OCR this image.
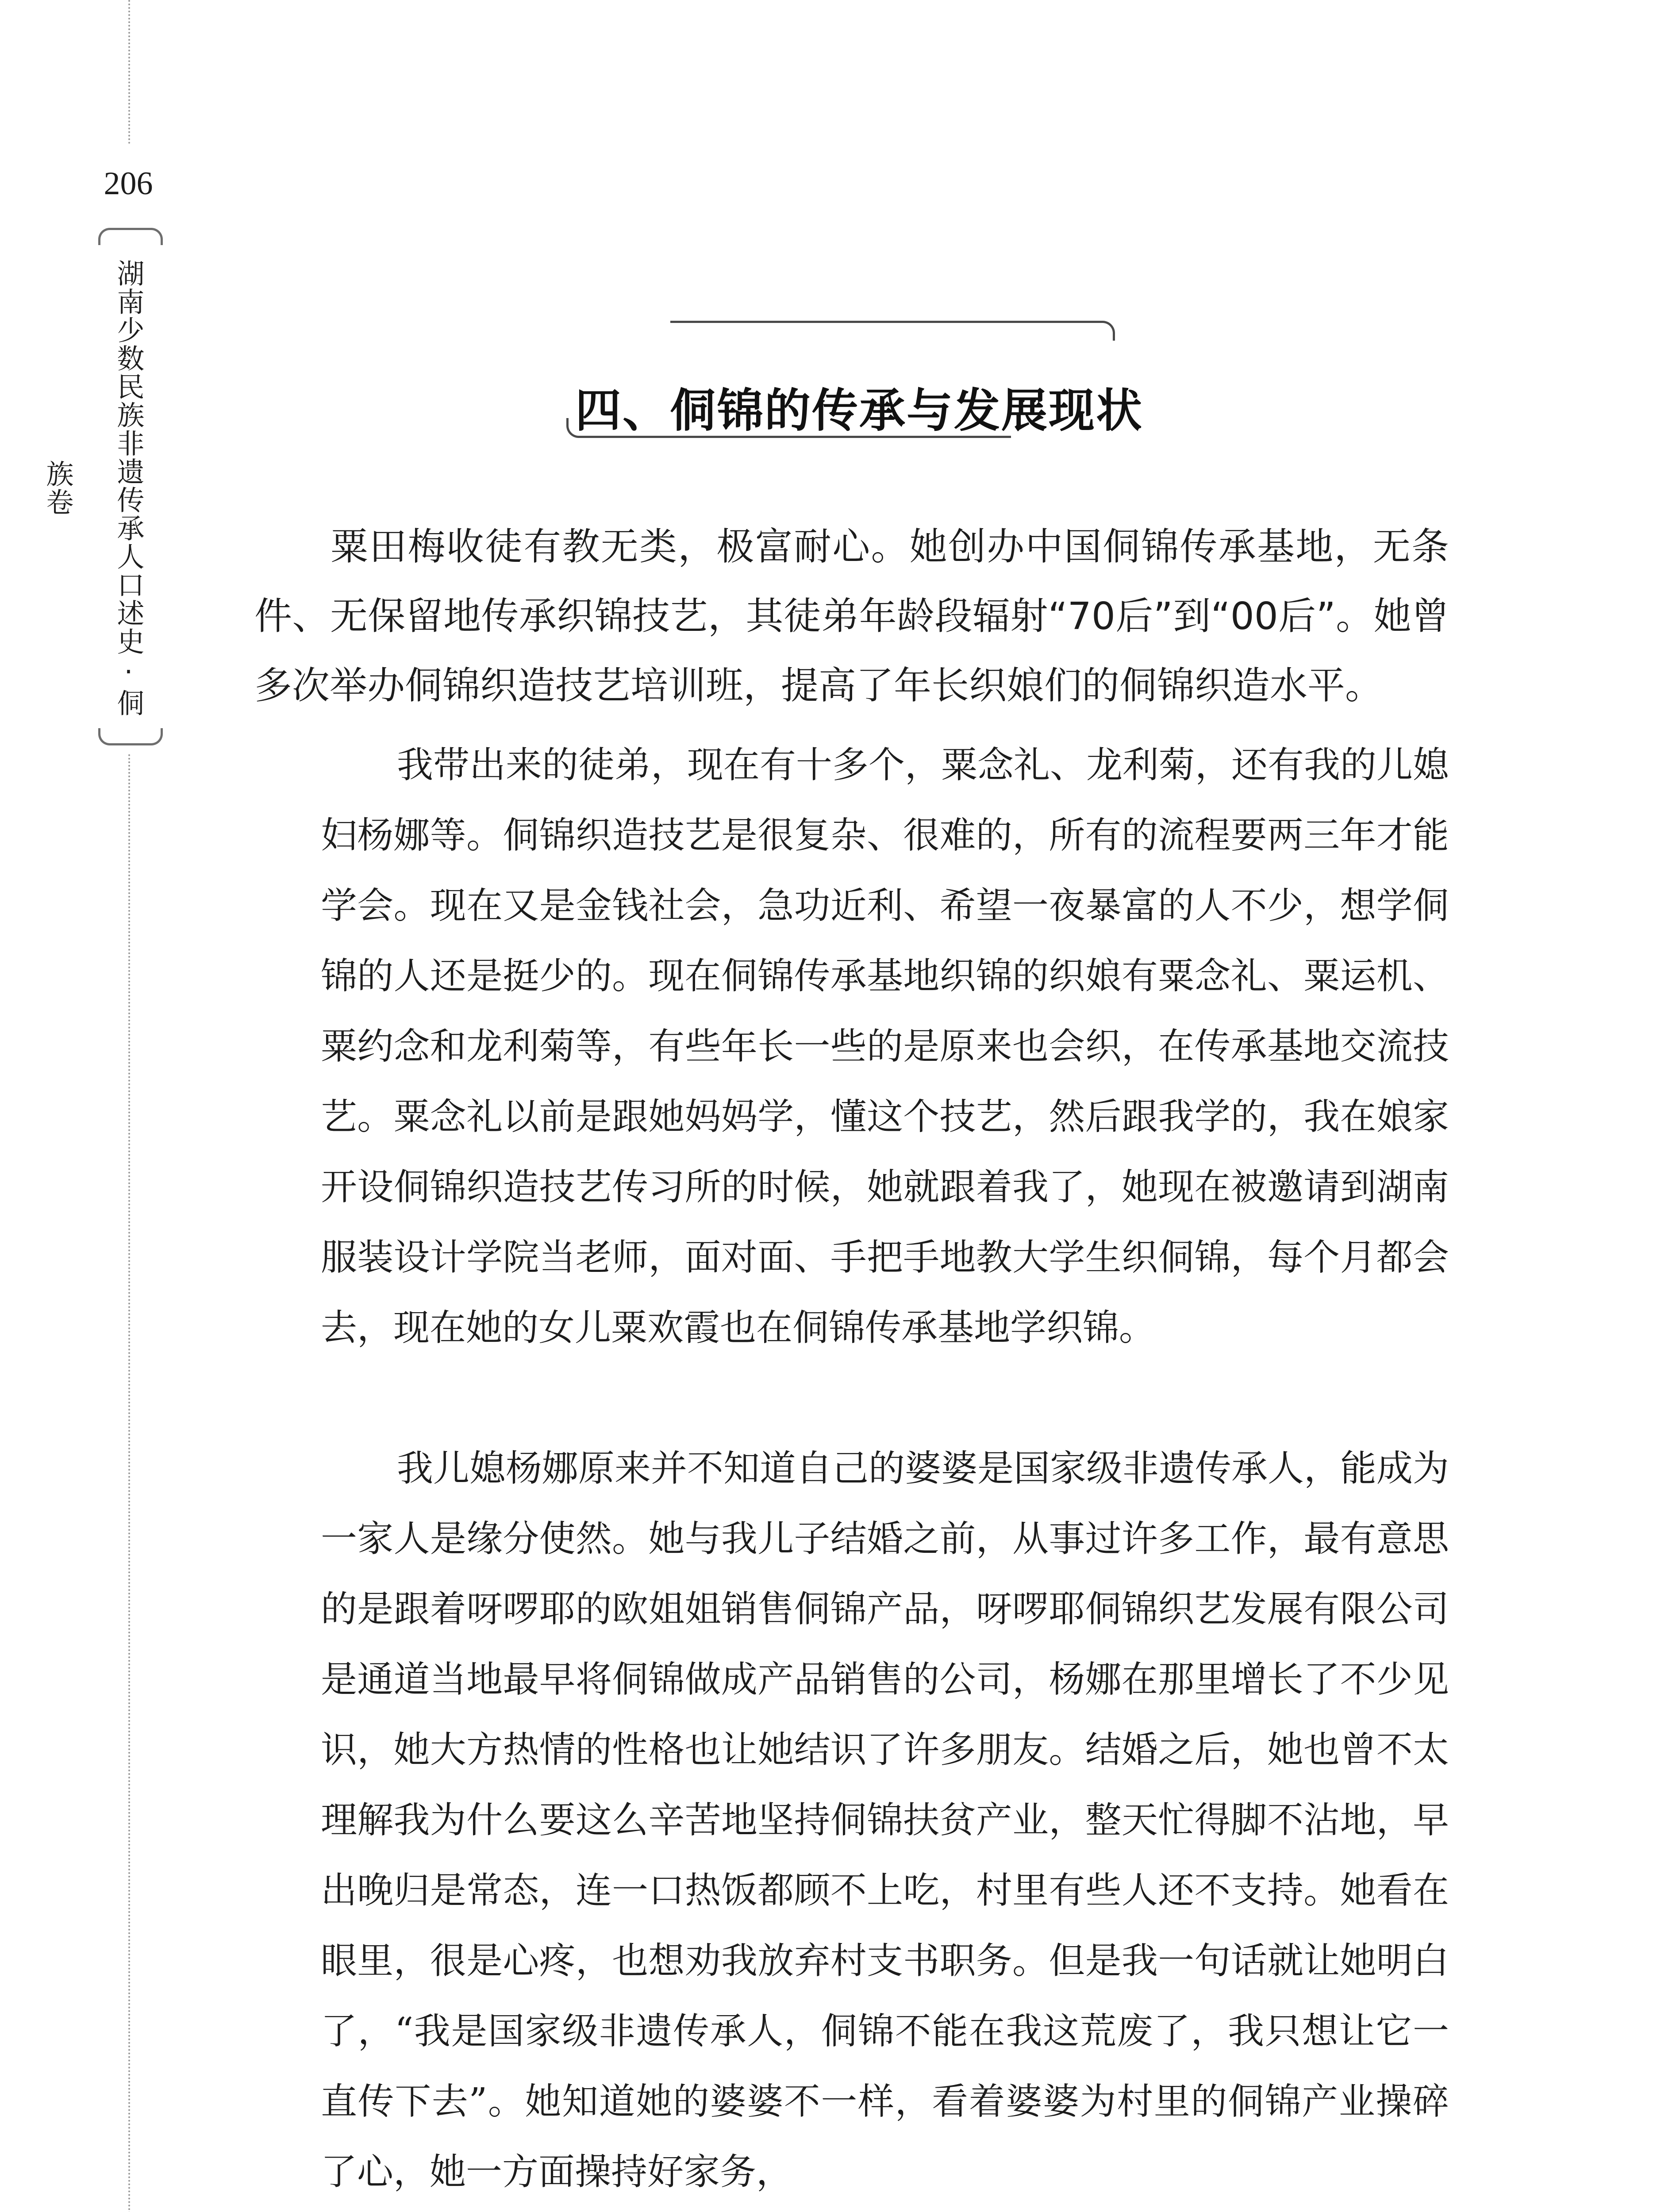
206
湖南少数民族非遗传承人口述史·侗族卷
四、侗锦的传承与发展现状

粟田梅收徒有教无类，极富耐心。她创办中国侗锦传承基地，无条件、无保留地传承织锦技艺，其徒弟年龄段辐射“70后”到“00后”。她曾多次举办侗锦织造技艺培训班，提高了年长织娘们的侗锦织造水平。

我带出来的徒弟，现在有十多个，粟念礼、龙利菊，还有我的儿媳妇杨娜等。侗锦织造技艺是很复杂、很难的，所有的流程要两三年才能学会。现在又是金钱社会，急功近利、希望一夜暴富的人不少，想学侗锦的人还是挺少的。现在侗锦传承基地织锦的织娘有粟念礼、粟运机、粟约念和龙利菊等，有些年长一些的是原来也会织，在传承基地交流技艺。粟念礼以前是跟她妈妈学，懂这个技艺，然后跟我学的，我在娘家开设侗锦织造技艺传习所的时候，她就跟着我了，她现在被邀请到湖南服装设计学院当老师，面对面、手把手地教大学生织侗锦，每个月都会去，现在她的女儿粟欢霞也在侗锦传承基地学织锦。

我儿媳杨娜原来并不知道自己的婆婆是国家级非遗传承人，能成为一家人是缘分使然。她与我儿子结婚之前，从事过许多工作，最有意思的是跟着呀啰耶的欧姐姐销售侗锦产品，呀啰耶侗锦织艺发展有限公司是通道当地最早将侗锦做成产品销售的公司，杨娜在那里增长了不少见识，她大方热情的性格也让她结识了许多朋友。结婚之后，她也曾不太理解我为什么要这么辛苦地坚持侗锦扶贫产业，整天忙得脚不沾地，早出晚归是常态，连一口热饭都顾不上吃，村里有些人还不支持。她看在眼里，很是心疼，也想劝我放弃村支书职务。但是我一句话就让她明白了，“我是国家级非遗传承人，侗锦不能在我这荒废了，我只想让它一直传下去”。她知道她的婆婆不一样，看着婆婆为村里的侗锦产业操碎了心，她一方面操持好家务，
